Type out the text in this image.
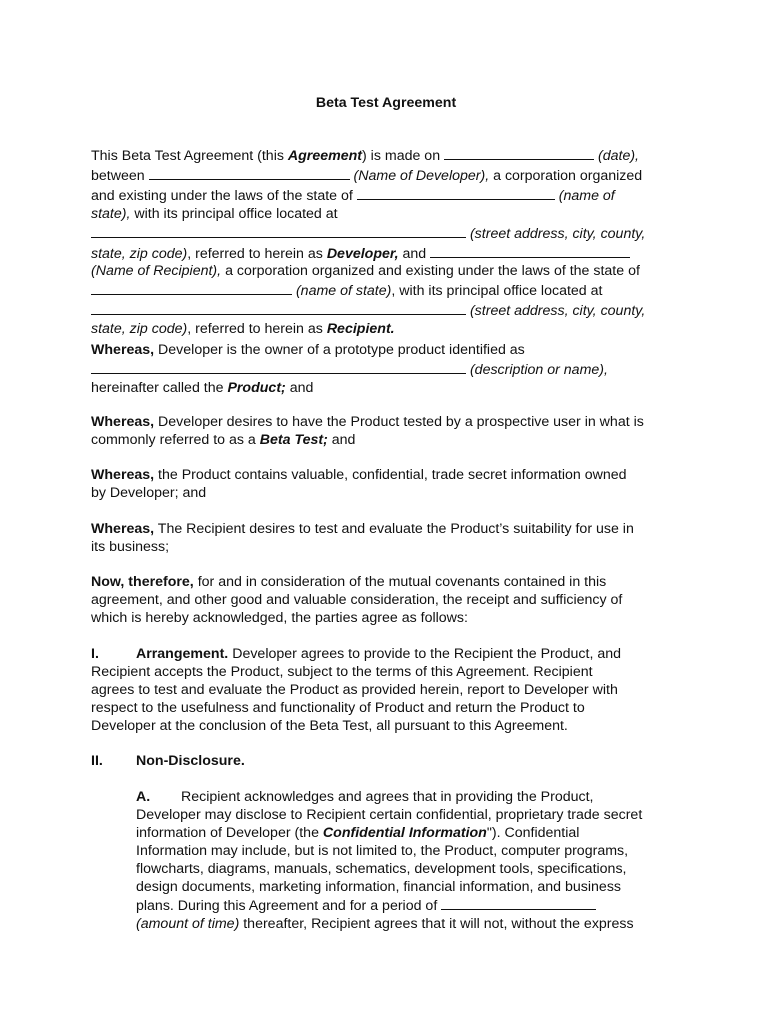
Beta Test Agreement
This Beta Test Agreement (this Agreement) is made on	(date),
between	(Name of Developer), a corporation organized
and existing under the laws of the state of	(name of
state), with its principal office located at
(street address, city, county,
state, zip code), referred to herein as Developer, and
(Name of Recipient), a corporation organized and existing under the laws of the state of
(name of state), with its principal office located at
(street address, city, county,
state, zip code), referred to herein as Recipient.
Whereas, Developer is the owner of a prototype product identified as
(description or name),
hereinafter called the Product; and
Whereas, Developer desires to have the Product tested by a prospective user in what is
commonly referred to as a Beta Test; and
Whereas, the Product contains valuable, confidential, trade secret information owned
by Developer; and
Whereas, The Recipient desires to test and evaluate the Product’s suitability for use in
its business;
Now, therefore, for and in consideration of the mutual covenants contained in this
agreement, and other good and valuable consideration, the receipt and sufficiency of
which is hereby acknowledged, the parties agree as follows:
I.	Arrangement. Developer agrees to provide to the Recipient the Product, and
Recipient accepts the Product, subject to the terms of this Agreement. Recipient
agrees to test and evaluate the Product as provided herein, report to Developer with
respect to the usefulness and functionality of Product and return the Product to
Developer at the conclusion of the Beta Test, all pursuant to this Agreement.
II. Non-Disclosure.
A. Recipient acknowledges and agrees that in providing the Product,
Developer may disclose to Recipient certain confidential, proprietary trade secret
information of Developer (the Confidential Information"). Confidential
Information may include, but is not limited to, the Product, computer programs,
flowcharts, diagrams, manuals, schematics, development tools, specifications,
design documents, marketing information, financial information, and business
plans. During this Agreement and for a period of
(amount of time) thereafter, Recipient agrees that it will not, without the express
